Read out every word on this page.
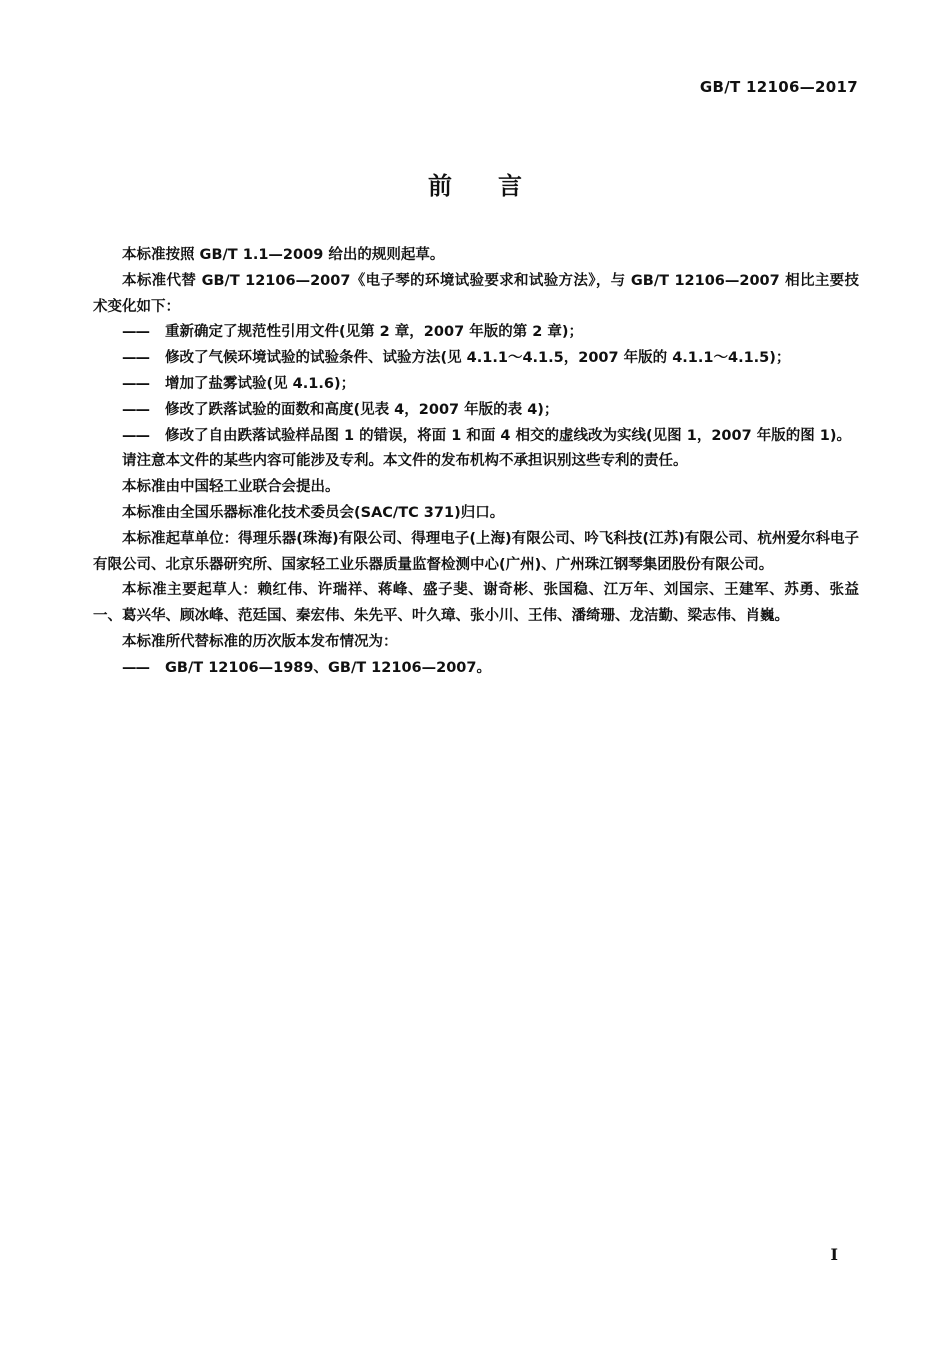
GB/T 12106—2017
前言

本标准按照 GB/T 1.1—2009 给出的规则起草。

本标准代替 GB/T 12106—2007《电子琴的环境试验要求和试验方法》，与 GB/T 12106—2007 相比主要技术变化如下：

——	重新确定了规范性引用文件(见第 2 章，2007 年版的第 2 章)；

——	修改了气候环境试验的试验条件、试验方法(见 4.1.1～4.1.5，2007 年版的 4.1.1～4.1.5)；

——	增加了盐雾试验(见 4.1.6)；

——	修改了跌落试验的面数和高度(见表 4，2007 年版的表 4)；

——	修改了自由跌落试验样品图 1 的错误，将面 1 和面 4 相交的虚线改为实线(见图 1，2007 年版的图 1)。

请注意本文件的某些内容可能涉及专利。本文件的发布机构不承担识别这些专利的责任。

本标准由中国轻工业联合会提出。

本标准由全国乐器标准化技术委员会(SAC/TC 371)归口。

本标准起草单位：得理乐器(珠海)有限公司、得理电子(上海)有限公司、吟飞科技(江苏)有限公司、杭州爱尔科电子有限公司、北京乐器研究所、国家轻工业乐器质量监督检测中心(广州)、广州珠江钢琴集团股份有限公司。

本标准主要起草人：赖红伟、许瑞祥、蒋峰、盛子斐、谢奇彬、张国稳、江万年、刘国宗、王建军、苏勇、张益一、葛兴华、顾冰峰、范廷国、秦宏伟、朱先平、叶久璋、张小川、王伟、潘绮珊、龙洁勤、梁志伟、肖巍。

本标准所代替标准的历次版本发布情况为：

——	GB/T 12106—1989、GB/T 12106—2007。

I
